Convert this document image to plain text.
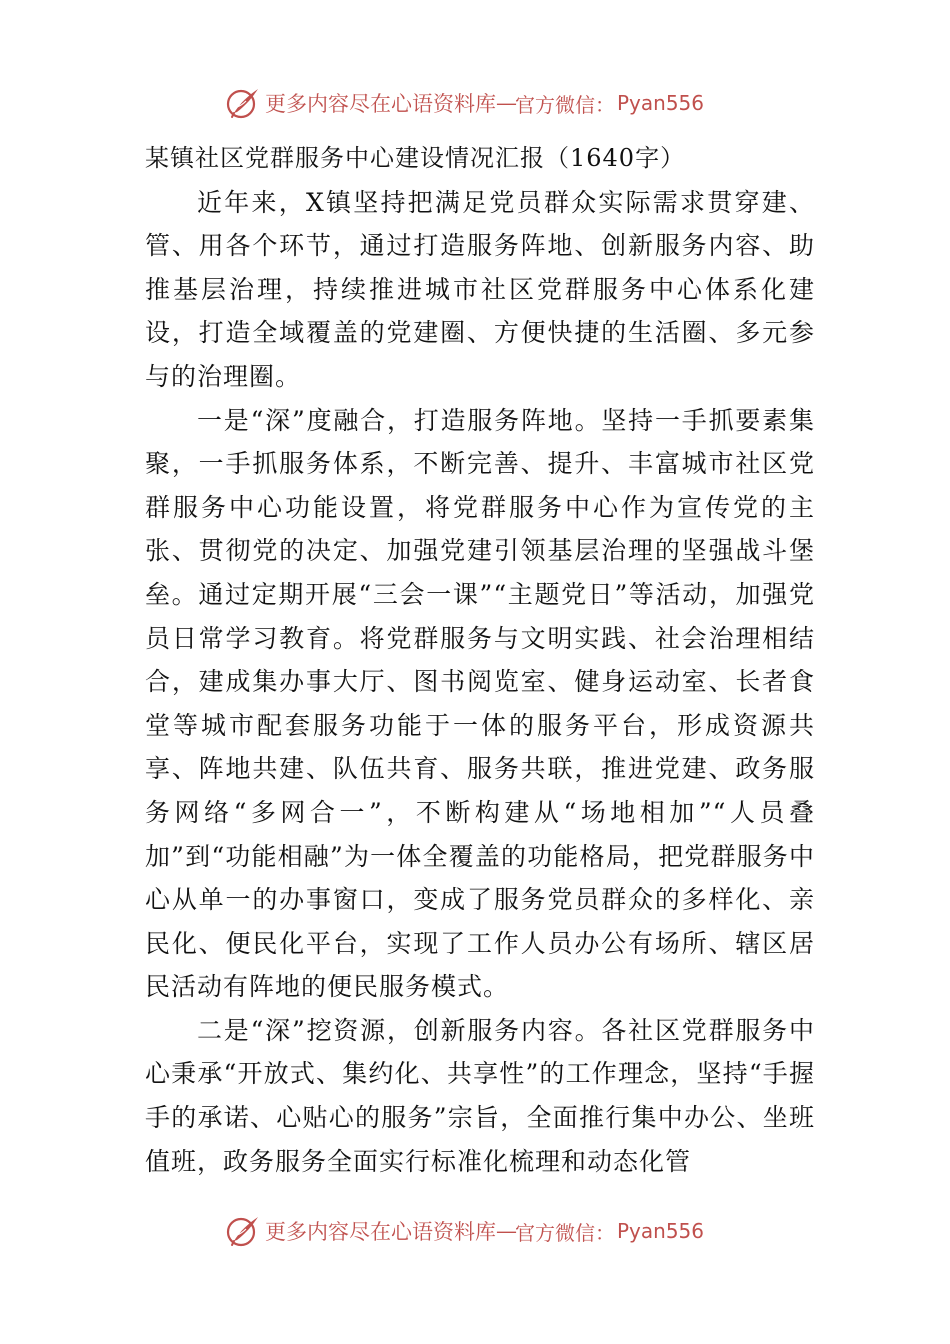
更多内容尽在心语资料库 — 官方微信： Pyan556
某镇社区党群服务中心建设情况汇报（1640字）

近年来，X镇坚持把满足党员群众实际需求贯穿建、管、用各个环节，通过打造服务阵地、创新服务内容、助推基层治理，持续推进城市社区党群服务中心体系化建设，打造全域覆盖的党建圈、方便快捷的生活圈、多元参与的治理圈。

一是“深”度融合，打造服务阵地。坚持一手抓要素集聚，一手抓服务体系，不断完善、提升、丰富城市社区党群服务中心功能设置，将党群服务中心作为宣传党的主张、贯彻党的决定、加强党建引领基层治理的坚强战斗堡垒。通过定期开展“三会一课”“主题党日”等活动，加强党员日常学习教育。将党群服务与文明实践、社会治理相结合，建成集办事大厅、图书阅览室、健身运动室、长者食堂等城市配套服务功能于一体的服务平台，形成资源共享、阵地共建、队伍共育、服务共联，推进党建、政务服务网络“多网合一”，不断构建从“场地相加”“人员叠加”到“功能相融”为一体全覆盖的功能格局，把党群服务中心从单一的办事窗口，变成了服务党员群众的多样化、亲民化、便民化平台，实现了工作人员办公有场所、辖区居民活动有阵地的便民服务模式。

二是“深”挖资源，创新服务内容。各社区党群服务中心秉承“开放式、集约化、共享性”的工作理念，坚持“手握手的承诺、心贴心的服务”宗旨，全面推行集中办公、坐班值班，政务服务全面实行标准化梳理和动态化管

更多内容尽在心语资料库 — 官方微信： Pyan556
